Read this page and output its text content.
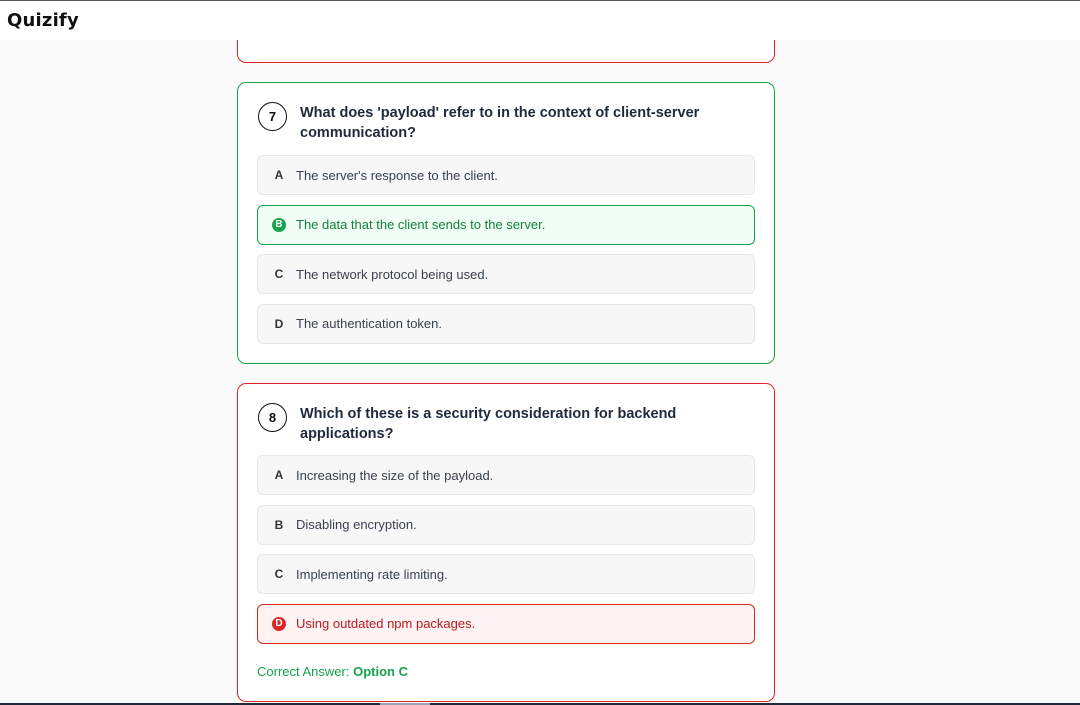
7	What does 'payload' refer to in the context of client-server communication?
A The server's response to the client.
B The data that the client sends to the server.
C The network protocol being used.
D The authentication token.
8	Which of these is a security consideration for backend applications?
A Increasing the size of the payload.
B Disabling encryption.
C Implementing rate limiting.
D Using outdated npm packages.
Correct Answer: Option C
Quizify
